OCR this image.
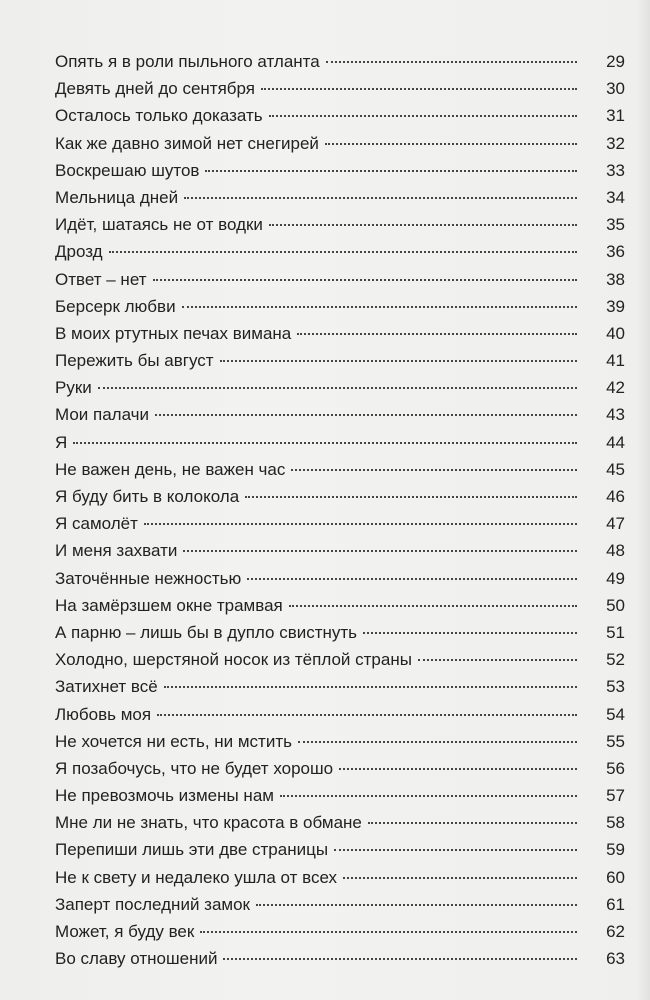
Опять я в роли пыльного атланта	29
Девять дней до сентября	30
Осталось только доказать	31
Как же давно зимой нет снегирей	32
Воскрешаю шутов	33
Мельница дней	34
Идёт, шатаясь не от водки	35
Дрозд	36
Ответ – нет	38
Берсерк любви	39
В моих ртутных печах вимана	40
Пережить бы август	41
Руки	42
Мои палачи	43
Я	44
Не важен день, не важен час	45
Я буду бить в колокола	46
Я самолёт	47
И меня захвати	48
Заточённые нежностью	49
На замёрзшем окне трамвая	50
А парню – лишь бы в дупло свистнуть	51
Холодно, шерстяной носок из тёплой страны	52
Затихнет всё	53
Любовь моя	54
Не хочется ни есть, ни мстить	55
Я позабочусь, что не будет хорошо	56
Не превозмочь измены нам	57
Мне ли не знать, что красота в обмане	58
Перепиши лишь эти две страницы	59
Не к свету и недалеко ушла от всех	60
Заперт последний замок	61
Может, я буду век	62
Во славу отношений	63
